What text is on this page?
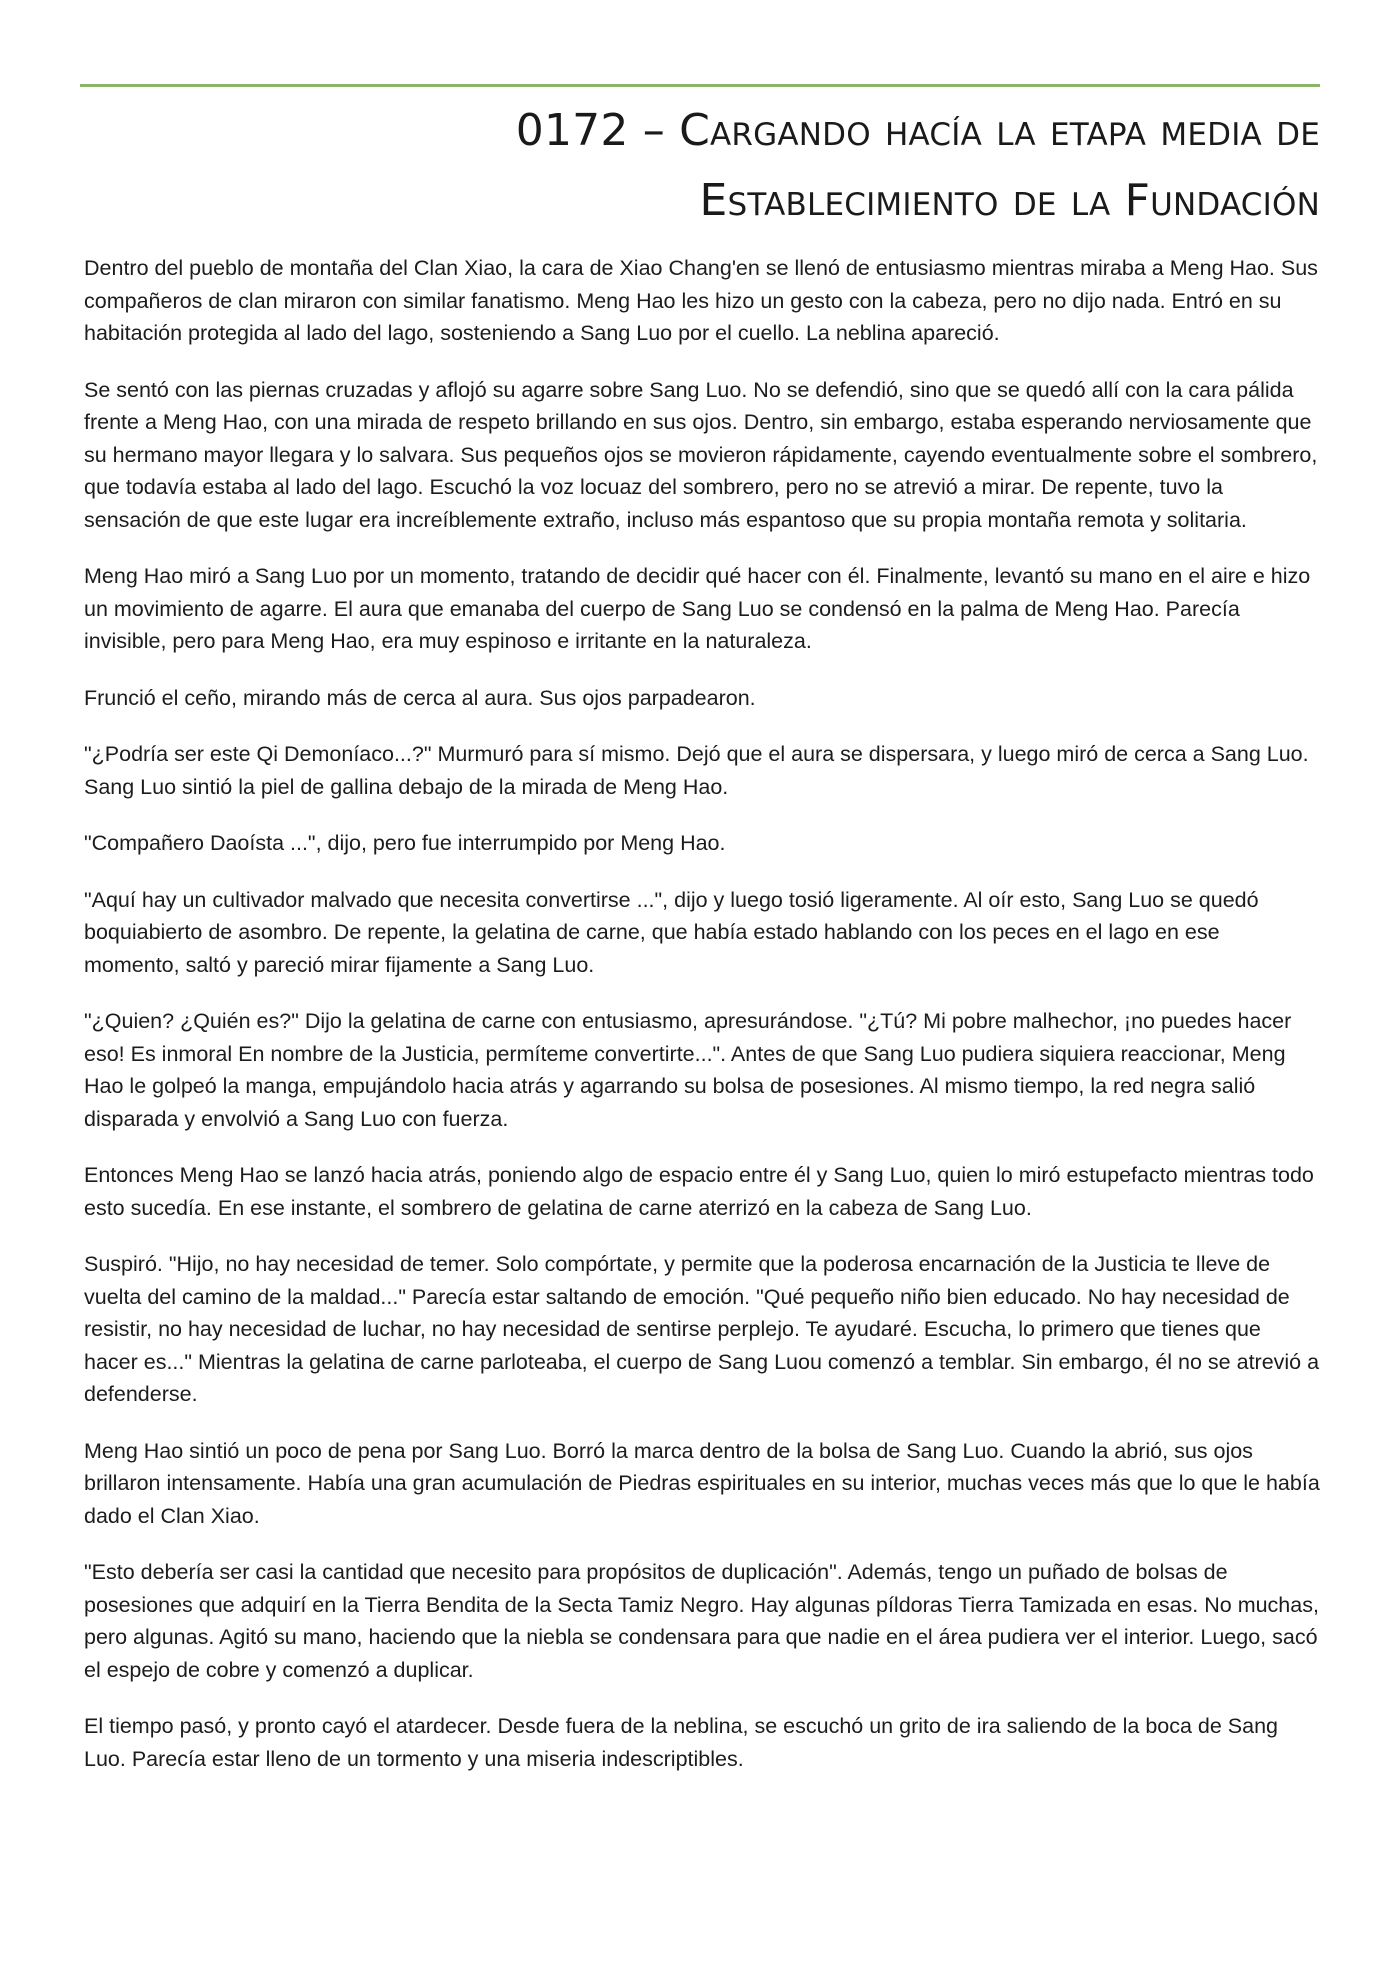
0172 – Cargando hacía la etapa media de
Establecimiento de la Fundación

Dentro del pueblo de montaña del Clan Xiao, la cara de Xiao Chang'en se llenó de entusiasmo mientras miraba a Meng Hao. Sus compañeros de clan miraron con similar fanatismo. Meng Hao les hizo un gesto con la cabeza, pero no dijo nada. Entró en su habitación protegida al lado del lago, sosteniendo a Sang Luo por el cuello. La neblina apareció.

Se sentó con las piernas cruzadas y aflojó su agarre sobre Sang Luo. No se defendió, sino que se quedó allí con la cara pálida frente a Meng Hao, con una mirada de respeto brillando en sus ojos. Dentro, sin embargo, estaba esperando nerviosamente que su hermano mayor llegara y lo salvara. Sus pequeños ojos se movieron rápidamente, cayendo eventualmente sobre el sombrero, que todavía estaba al lado del lago. Escuchó la voz locuaz del sombrero, pero no se atrevió a mirar. De repente, tuvo la sensación de que este lugar era increíblemente extraño, incluso más espantoso que su propia montaña remota y solitaria.

Meng Hao miró a Sang Luo por un momento, tratando de decidir qué hacer con él. Finalmente, levantó su mano en el aire e hizo un movimiento de agarre. El aura que emanaba del cuerpo de Sang Luo se condensó en la palma de Meng Hao. Parecía invisible, pero para Meng Hao, era muy espinoso e irritante en la naturaleza.

Frunció el ceño, mirando más de cerca al aura. Sus ojos parpadearon.

"¿Podría ser este Qi Demoníaco...?" Murmuró para sí mismo. Dejó que el aura se dispersara, y luego miró de cerca a Sang Luo. Sang Luo sintió la piel de gallina debajo de la mirada de Meng Hao.

"Compañero Daoísta ...", dijo, pero fue interrumpido por Meng Hao.

"Aquí hay un cultivador malvado que necesita convertirse ...", dijo y luego tosió ligeramente. Al oír esto, Sang Luo se quedó boquiabierto de asombro. De repente, la gelatina de carne, que había estado hablando con los peces en el lago en ese momento, saltó y pareció mirar fijamente a Sang Luo.

"¿Quien? ¿Quién es?" Dijo la gelatina de carne con entusiasmo, apresurándose. "¿Tú? Mi pobre malhechor, ¡no puedes hacer eso! Es inmoral En nombre de la Justicia, permíteme convertirte...". Antes de que Sang Luo pudiera siquiera reaccionar, Meng Hao le golpeó la manga, empujándolo hacia atrás y agarrando su bolsa de posesiones. Al mismo tiempo, la red negra salió disparada y envolvió a Sang Luo con fuerza.

Entonces Meng Hao se lanzó hacia atrás, poniendo algo de espacio entre él y Sang Luo, quien lo miró estupefacto mientras todo esto sucedía. En ese instante, el sombrero de gelatina de carne aterrizó en la cabeza de Sang Luo.

Suspiró. "Hijo, no hay necesidad de temer. Solo compórtate, y permite que la poderosa encarnación de la Justicia te lleve de vuelta del camino de la maldad..." Parecía estar saltando de emoción. "Qué pequeño niño bien educado. No hay necesidad de resistir, no hay necesidad de luchar, no hay necesidad de sentirse perplejo. Te ayudaré. Escucha, lo primero que tienes que hacer es..." Mientras la gelatina de carne parloteaba, el cuerpo de Sang Luou comenzó a temblar. Sin embargo, él no se atrevió a defenderse.

Meng Hao sintió un poco de pena por Sang Luo. Borró la marca dentro de la bolsa de Sang Luo. Cuando la abrió, sus ojos brillaron intensamente. Había una gran acumulación de Piedras espirituales en su interior, muchas veces más que lo que le había dado el Clan Xiao.

"Esto debería ser casi la cantidad que necesito para propósitos de duplicación". Además, tengo un puñado de bolsas de posesiones que adquirí en la Tierra Bendita de la Secta Tamiz Negro. Hay algunas píldoras Tierra Tamizada en esas. No muchas, pero algunas. Agitó su mano, haciendo que la niebla se condensara para que nadie en el área pudiera ver el interior. Luego, sacó el espejo de cobre y comenzó a duplicar.

El tiempo pasó, y pronto cayó el atardecer. Desde fuera de la neblina, se escuchó un grito de ira saliendo de la boca de Sang Luo. Parecía estar lleno de un tormento y una miseria indescriptibles.
